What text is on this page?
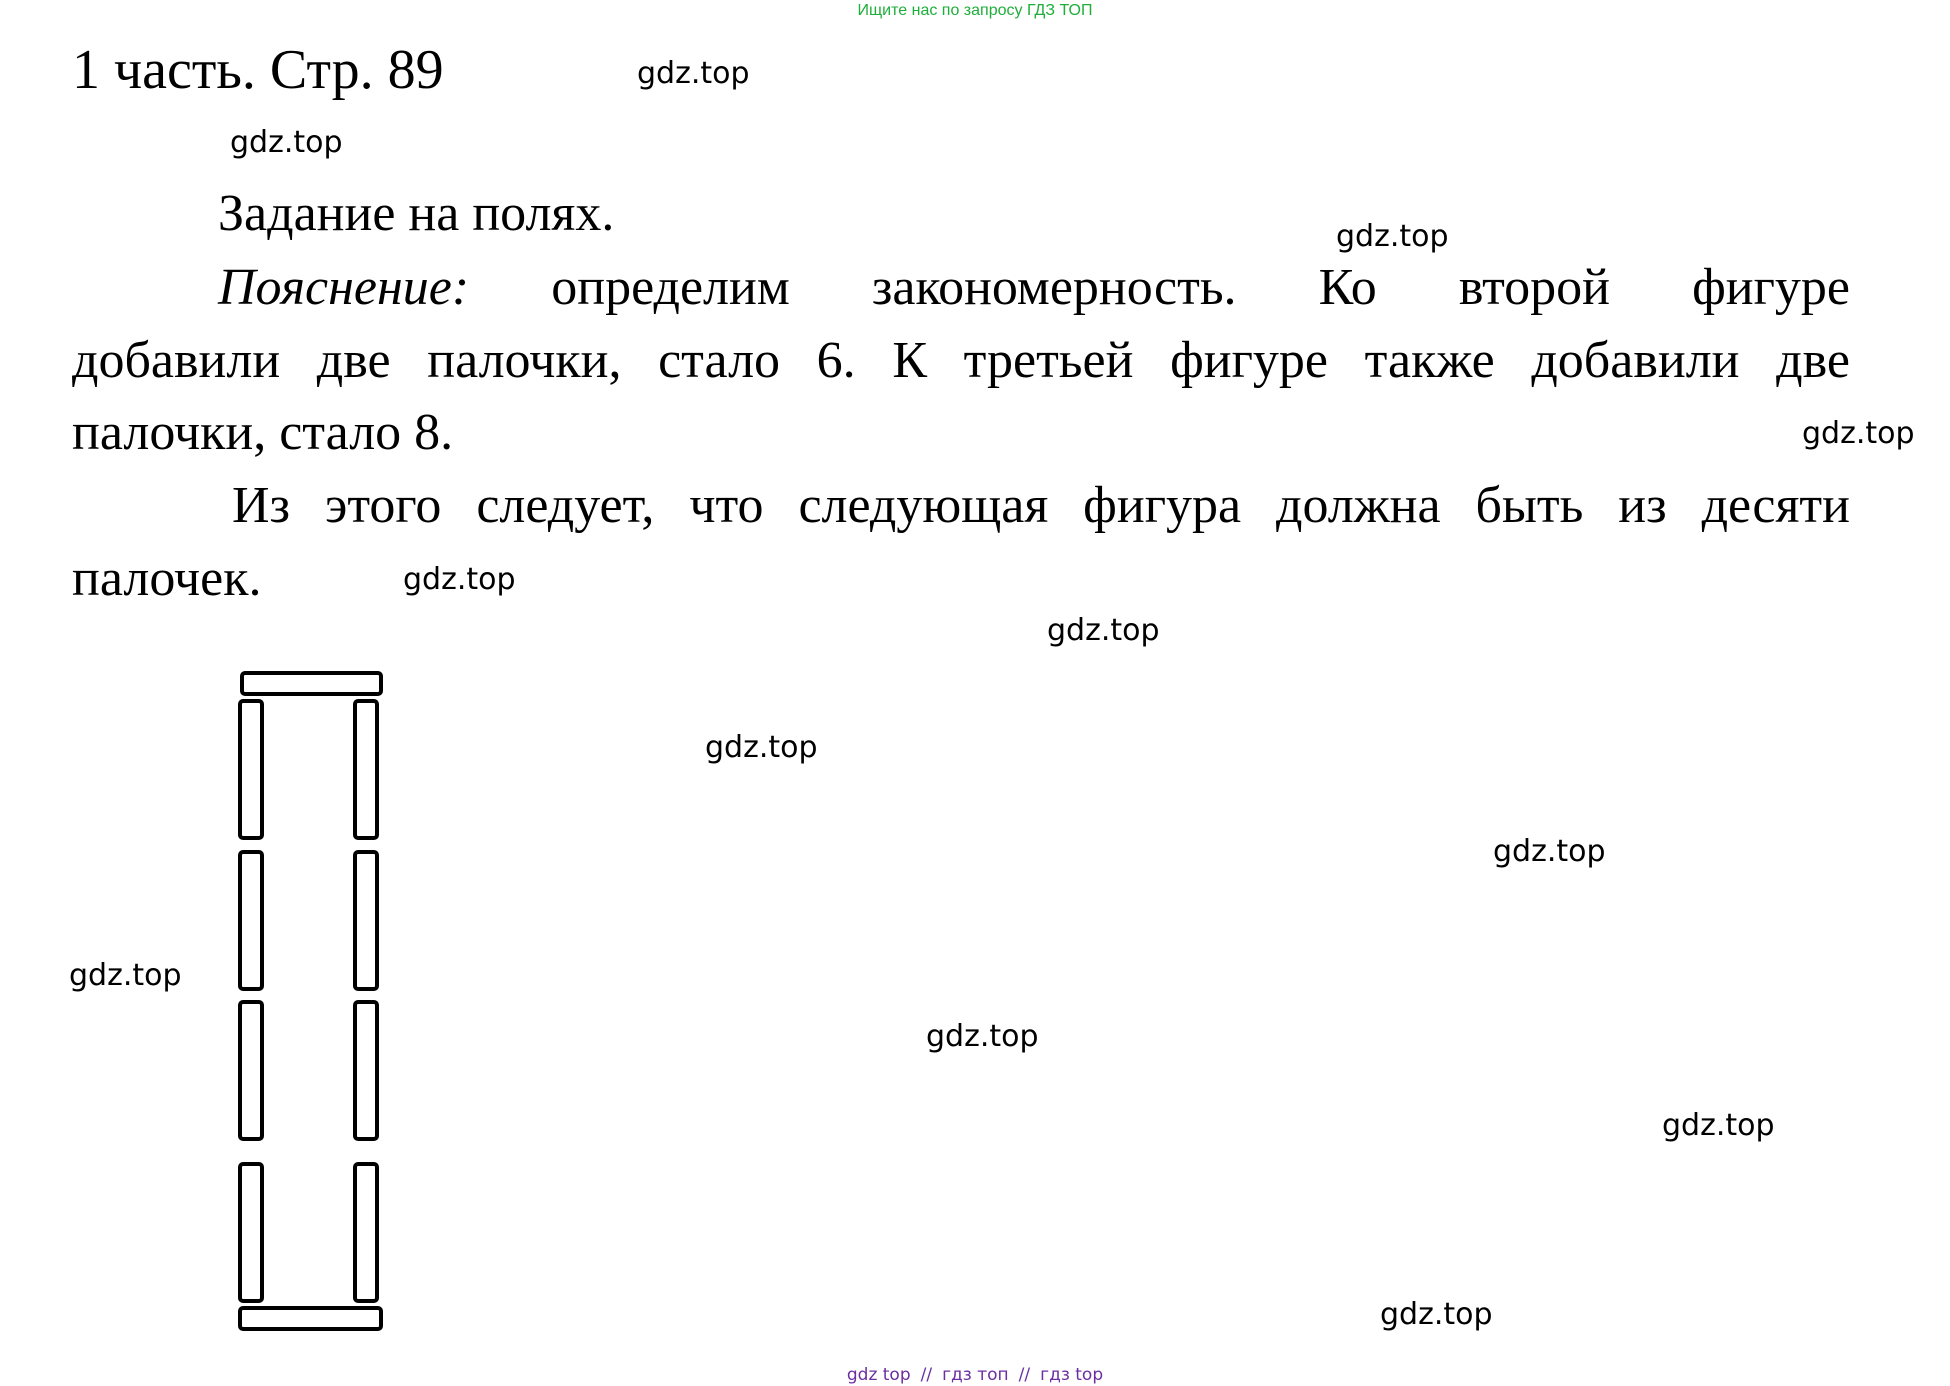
Ищите нас по запросу ГДЗ ТОП
1 часть. Стр. 89	gdz.top
gdz.top
gdz.top
gdz.top
gdz.top
gdz.top
gdz.top
gdz.top
gdz.top
gdz.top
gdz.top
gdz.top
Задание на полях.
Пояснение: определим закономерность. Ко второй фигуре
добавили две палочки, стало 6. К третьей фигуре также добавили две
палочки, стало 8.
Из этого следует, что следующая фигура должна быть из десяти
палочек.
gdz top // гдз топ // гдз top
